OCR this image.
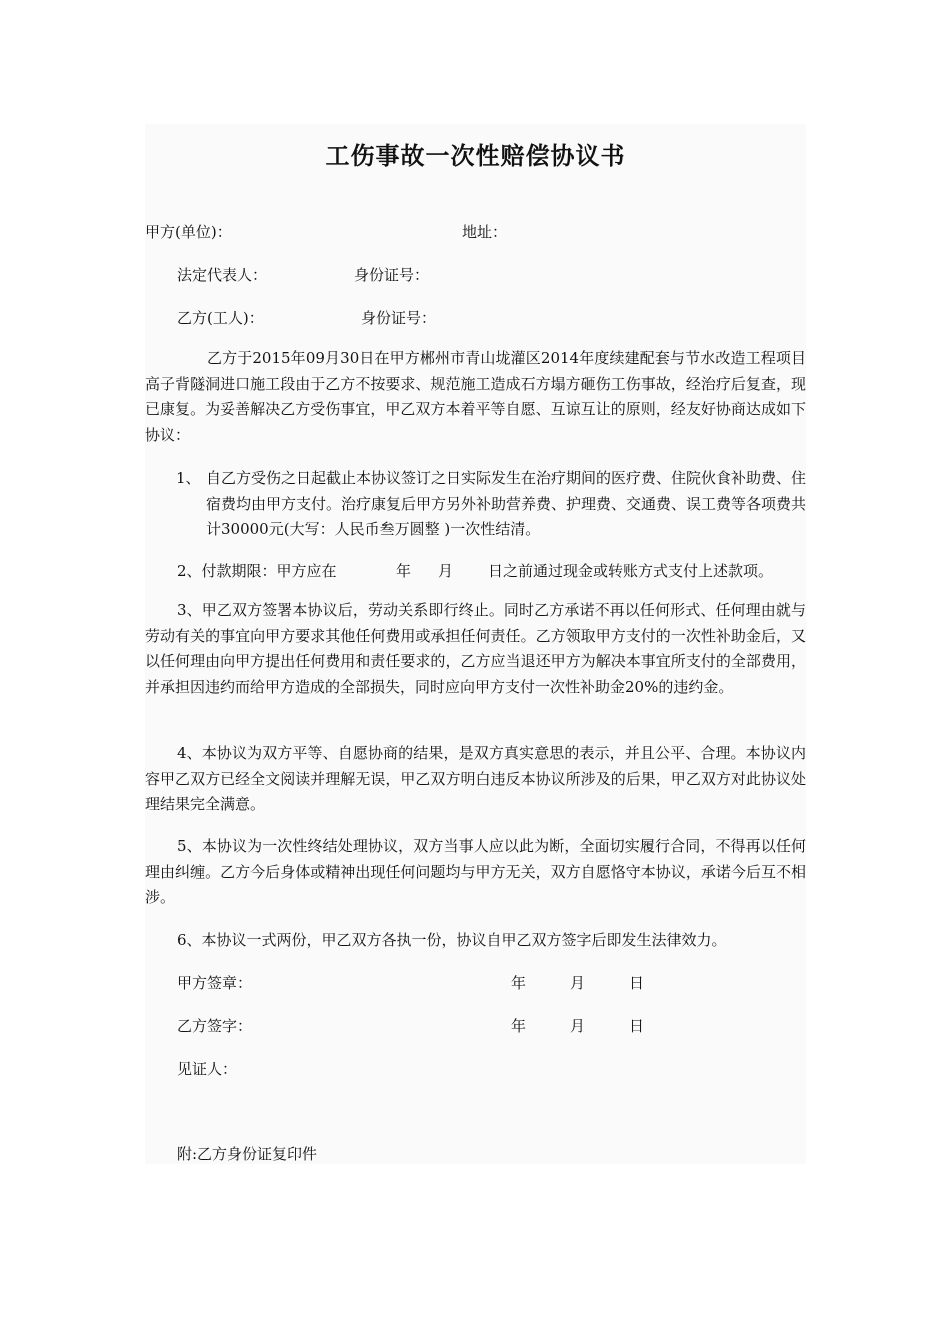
工伤事故一次性赔偿协议书
甲方(单位)：	地址：
法定代表人：	身份证号：
乙方(工人)：	身份证号：

乙方于2015年09月30日在甲方郴州市青山垅灌区2014年度续建配套与节水改造工程项目高子背隧洞进口施工段由于乙方不按要求、规范施工造成石方塌方砸伤工伤事故，经治疗后复查，现已康复。为妥善解决乙方受伤事宜，甲乙双方本着平等自愿、互谅互让的原则，经友好协商达成如下协议：

1、 自乙方受伤之日起截止本协议签订之日实际发生在治疗期间的医疗费、住院伙食补助费、住宿费均由甲方支付。治疗康复后甲方另外补助营养费、护理费、交通费、误工费等各项费共计30000元(大写：人民币叁万圆整 )一次性结清。
2、付款期限：甲方应在	年 月 日之前通过现金或转账方式支付上述款项。

3、甲乙双方签署本协议后，劳动关系即行终止。同时乙方承诺不再以任何形式、任何理由就与劳动有关的事宜向甲方要求其他任何费用或承担任何责任。乙方领取甲方支付的一次性补助金后，又以任何理由向甲方提出任何费用和责任要求的，乙方应当退还甲方为解决本事宜所支付的全部费用，并承担因违约而给甲方造成的全部损失，同时应向甲方支付一次性补助金20%的违约金。

4、本协议为双方平等、自愿协商的结果，是双方真实意思的表示，并且公平、合理。本协议内容甲乙双方已经全文阅读并理解无误，甲乙双方明白违反本协议所涉及的后果，甲乙双方对此协议处理结果完全满意。

5、本协议为一次性终结处理协议，双方当事人应以此为断，全面切实履行合同，不得再以任何理由纠缠。乙方今后身体或精神出现任何问题均与甲方无关，双方自愿恪守本协议，承诺今后互不相涉。

6、本协议一式两份，甲乙双方各执一份，协议自甲乙双方签字后即发生法律效力。
甲方签章：	年	月	日
乙方签字：	年	月	日
见证人：
附:乙方身份证复印件
